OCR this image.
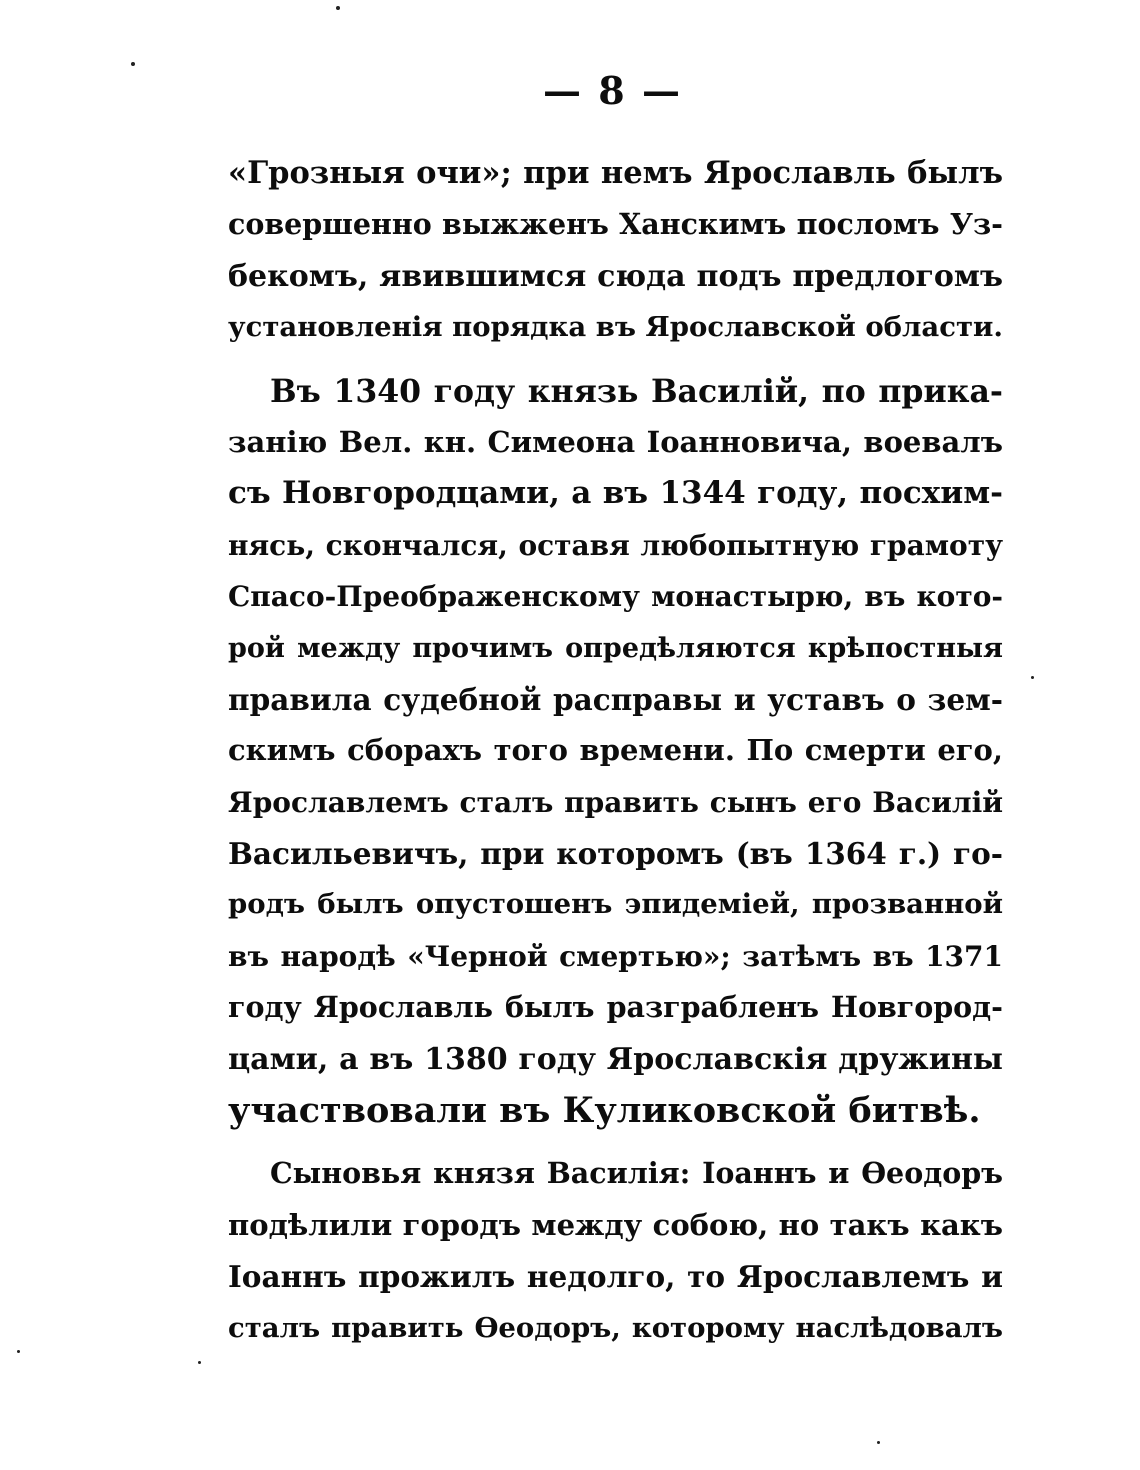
— 8 —
«Грозныя очи»; при немъ Ярославль былъ
совершенно выжженъ Ханскимъ посломъ Уз-
бекомъ, явившимся сюда подъ предлогомъ
установленія порядка въ Ярославской области.
Въ 1340 году князь Василій, по прика-
занію Вел. кн. Симеона Іоанновича, воевалъ
съ Новгородцами, а въ 1344 году, посхим-
нясь, скончался, оставя любопытную грамоту
Спасо-Преображенскому монастырю, въ кото-
рой между прочимъ опредѣляются крѣпостныя
правила судебной расправы и уставъ о зем-
скимъ сборахъ того времени. По смерти его,
Ярославлемъ сталъ править сынъ его Василій
Васильевичъ, при которомъ (въ 1364 г.) го-
родъ былъ опустошенъ эпидеміей, прозванной
въ народѣ «Черной смертью»; затѣмъ въ 1371
году Ярославль былъ разграбленъ Новгород-
цами, а въ 1380 году Ярославскія дружины
участвовали въ Куликовской битвѣ.
Сыновья князя Василія: Іоаннъ и Ѳеодоръ
подѣлили городъ между собою, но такъ какъ
Іоаннъ прожилъ недолго, то Ярославлемъ и
сталъ править Ѳеодоръ, которому наслѣдовалъ
